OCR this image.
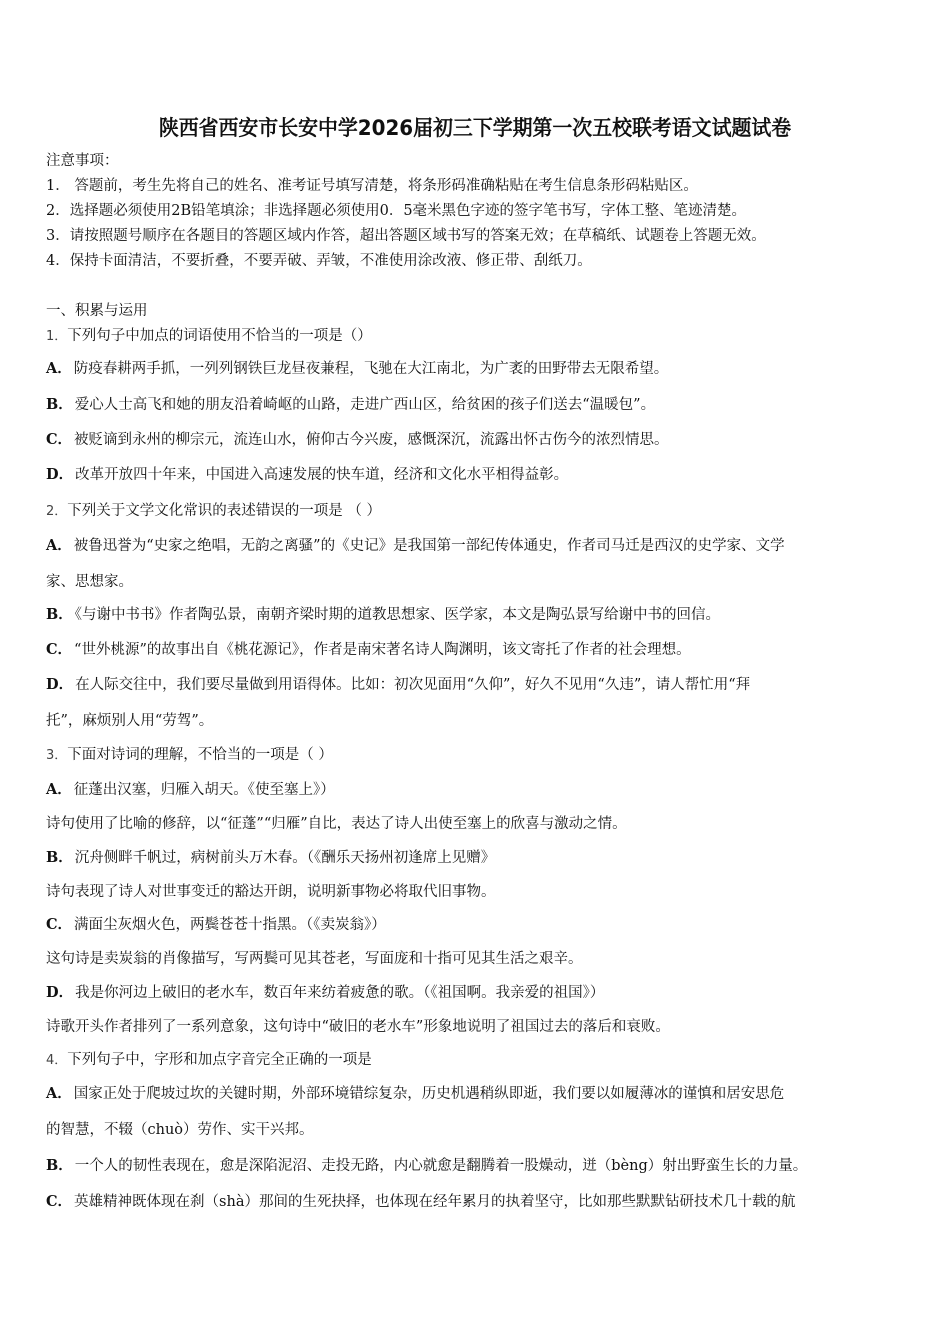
陕西省西安市长安中学2026届初三下学期第一次五校联考语文试题试卷
注意事项：
1． 答题前，考生先将自己的姓名、准考证号填写清楚，将条形码准确粘贴在考生信息条形码粘贴区。
2．选择题必须使用2B铅笔填涂；非选择题必须使用0．5毫米黑色字迹的签字笔书写，字体工整、笔迹清楚。
3．请按照题号顺序在各题目的答题区域内作答，超出答题区域书写的答案无效；在草稿纸、试题卷上答题无效。
4．保持卡面清洁，不要折叠，不要弄破、弄皱，不准使用涂改液、修正带、刮纸刀。
一、积累与运用
1．下列句子中加点的词语使用不恰当的一项是（）
A． 防疫春耕两手抓，一列列钢铁巨龙昼夜兼程，飞驰在大江南北，为广袤的田野带去无限希望。
B． 爱心人士高飞和她的朋友沿着崎岖的山路，走进广西山区，给贫困的孩子们送去“温暖包”。
C． 被贬谪到永州的柳宗元，流连山水，俯仰古今兴废，感慨深沉，流露出怀古伤今的浓烈情思。
D． 改革开放四十年来，中国进入高速发展的快车道，经济和文化水平相得益彰。
2．下列关于文学文化常识的表述错误的一项是 （ ）
A． 被鲁迅誉为“史家之绝唱，无韵之离骚”的《史记》是我国第一部纪传体通史，作者司马迁是西汉的史学家、文学
家、思想家。
B． 《与谢中书书》作者陶弘景，南朝齐梁时期的道教思想家、医学家，本文是陶弘景写给谢中书的回信。
C． “世外桃源”的故事出自《桃花源记》，作者是南宋著名诗人陶渊明，该文寄托了作者的社会理想。
D． 在人际交往中，我们要尽量做到用语得体。比如：初次见面用“久仰”，好久不见用“久违”，请人帮忙用“拜
托”，麻烦别人用“劳驾”。
3．下面对诗词的理解，不恰当的一项是（ ）
A． 征蓬出汉塞，归雁入胡天。《使至塞上》）
诗句使用了比喻的修辞，以“征蓬”“归雁”自比，表达了诗人出使至塞上的欣喜与激动之情。
B． 沉舟侧畔千帆过，病树前头万木春。（《酬乐天扬州初逢席上见赠》
诗句表现了诗人对世事变迁的豁达开朗，说明新事物必将取代旧事物。
C． 满面尘灰烟火色，两鬓苍苍十指黑。（《卖炭翁》）
这句诗是卖炭翁的肖像描写，写两鬓可见其苍老，写面庞和十指可见其生活之艰辛。
D． 我是你河边上破旧的老水车，数百年来纺着疲惫的歌。（《祖国啊。我亲爱的祖国》）
诗歌开头作者排列了一系列意象，这句诗中“破旧的老水车”形象地说明了祖国过去的落后和衰败。
4．下列句子中，字形和加点字音完全正确的一项是
A． 国家正处于爬坡过坎的关键时期，外部环境错综复杂，历史机遇稍纵即逝，我们要以如履薄冰的谨慎和居安思危
的智慧，不辍（chuò）劳作、实干兴邦。
B． 一个人的韧性表现在，愈是深陷泥沼、走投无路，内心就愈是翻腾着一股燥动，迸（bèng）射出野蛮生长的力量。
C． 英雄精神既体现在刹（shà）那间的生死抉择，也体现在经年累月的执着坚守，比如那些默默钻研技术几十载的航
